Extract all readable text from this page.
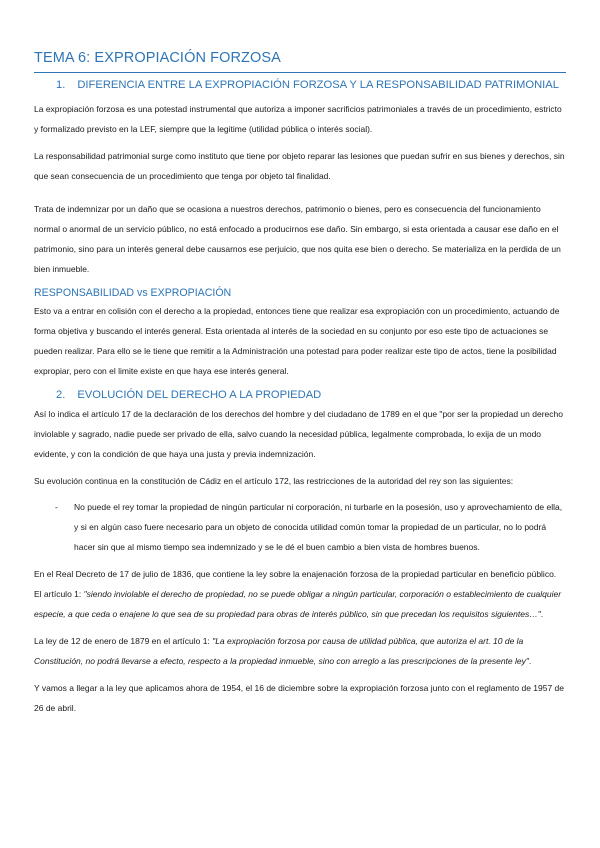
TEMA 6: EXPROPIACIÓN FORZOSA
1. DIFERENCIA ENTRE LA EXPROPIACIÓN FORZOSA Y LA RESPONSABILIDAD PATRIMONIAL

La expropiación forzosa es una potestad instrumental que autoriza a imponer sacrificios patrimoniales a través de un procedimiento, estricto y formalizado previsto en la LEF, siempre que la legitime (utilidad pública o interés social).

La responsabilidad patrimonial surge como instituto que tiene por objeto reparar las lesiones que puedan sufrir en sus bienes y derechos, sin que sean consecuencia de un procedimiento que tenga por objeto tal finalidad.

Trata de indemnizar por un daño que se ocasiona a nuestros derechos, patrimonio o bienes, pero es consecuencia del funcionamiento normal o anormal de un servicio público, no está enfocado a producirnos ese daño. Sin embargo, si esta orientada a causar ese daño en el patrimonio, sino para un interés general debe causarnos ese perjuicio, que nos quita ese bien o derecho. Se materializa en la perdida de un bien inmueble.

RESPONSABILIDAD vs EXPROPIACIÓN

Esto va a entrar en colisión con el derecho a la propiedad, entonces tiene que realizar esa expropiación con un procedimiento, actuando de forma objetiva y buscando el interés general. Esta orientada al interés de la sociedad en su conjunto por eso este tipo de actuaciones se pueden realizar. Para ello se le tiene que remitir a la Administración una potestad para poder realizar este tipo de actos, tiene la posibilidad expropiar, pero con el limite existe en que haya ese interés general.

2. EVOLUCIÓN DEL DERECHO A LA PROPIEDAD

Así lo indica el artículo 17 de la declaración de los derechos del hombre y del ciudadano de 1789 en el que "por ser la propiedad un derecho inviolable y sagrado, nadie puede ser privado de ella, salvo cuando la necesidad pública, legalmente comprobada, lo exija de un modo evidente, y con la condición de que haya una justa y previa indemnización.

Su evolución continua en la constitución de Cádiz en el artículo 172, las restricciones de la autoridad del rey son las siguientes:

- No puede el rey tomar la propiedad de ningún particular ni corporación, ni turbarle en la posesión, uso y aprovechamiento de ella, y si en algún caso fuere necesario para un objeto de conocida utilidad común tomar la propiedad de un particular, no lo podrá hacer sin que al mismo tiempo sea indemnizado y se le dé el buen cambio a bien vista de hombres buenos.

En el Real Decreto de 17 de julio de 1836, que contiene la ley sobre la enajenación forzosa de la propiedad particular en beneficio público. El artículo 1: "siendo inviolable el derecho de propiedad, no se puede obligar a ningún particular, corporación o establecimiento de cualquier especie, a que ceda o enajene lo que sea de su propiedad para obras de interés público, sin que precedan los requisitos siguientes…".

La ley de 12 de enero de 1879 en el artículo 1: "La expropiación forzosa por causa de utilidad pública, que autoriza el art. 10 de la Constitución, no podrá llevarse a efecto, respecto a la propiedad inmueble, sino con arreglo a las prescripciones de la presente ley".

Y vamos a llegar a la ley que aplicamos ahora de 1954, el 16 de diciembre sobre la expropiación forzosa junto con el reglamento de 1957 de 26 de abril.
